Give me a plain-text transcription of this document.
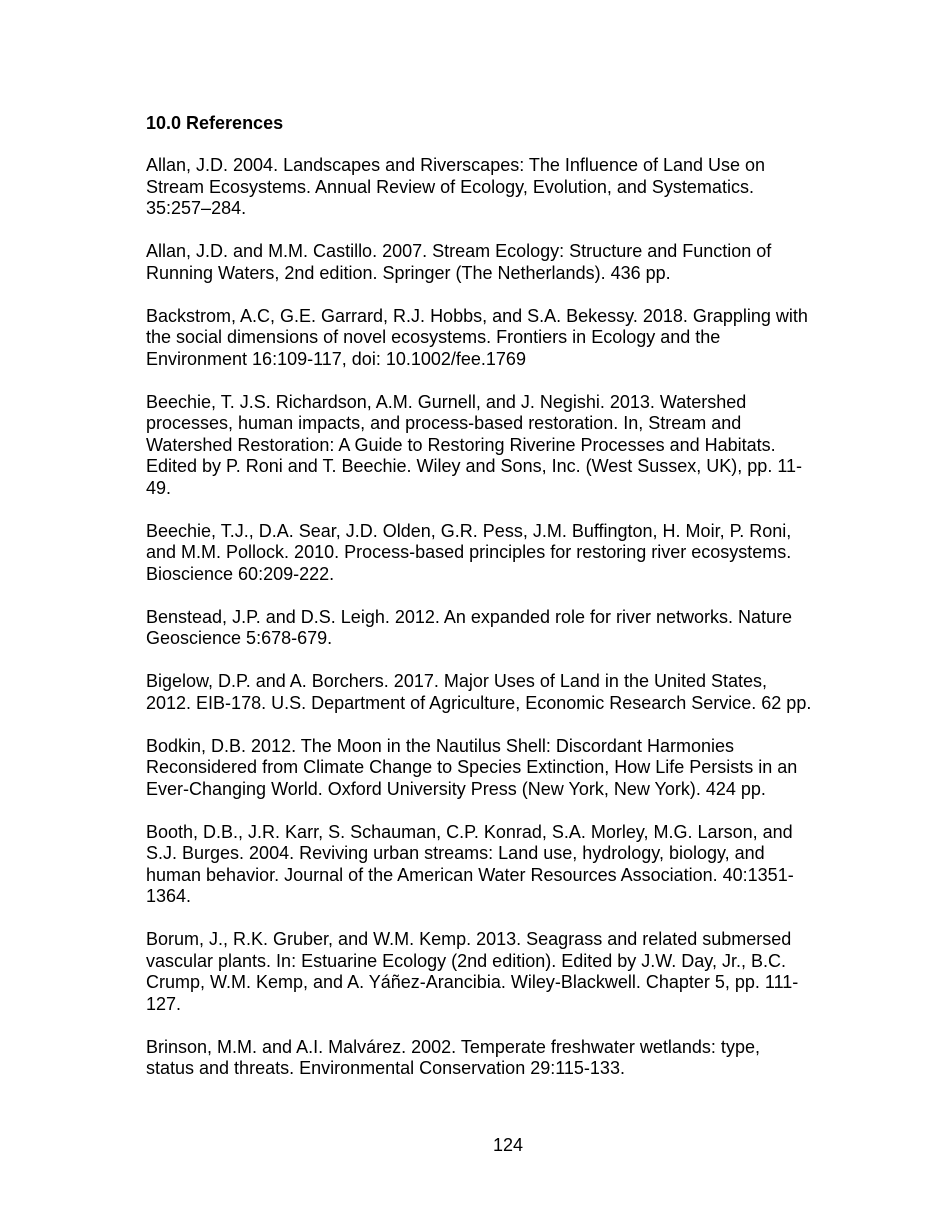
10.0 References
Allan, J.D. 2004. Landscapes and Riverscapes: The Influence of Land Use on
Stream Ecosystems. Annual Review of Ecology, Evolution, and Systematics.
35:257–284.
Allan, J.D. and M.M. Castillo. 2007. Stream Ecology: Structure and Function of
Running Waters, 2nd edition. Springer (The Netherlands). 436 pp.
Backstrom, A.C, G.E. Garrard, R.J. Hobbs, and S.A. Bekessy. 2018. Grappling with
the social dimensions of novel ecosystems. Frontiers in Ecology and the
Environment 16:109-117, doi: 10.1002/fee.1769
Beechie, T. J.S. Richardson, A.M. Gurnell, and J. Negishi. 2013. Watershed
processes, human impacts, and process-based restoration. In, Stream and
Watershed Restoration: A Guide to Restoring Riverine Processes and Habitats.
Edited by P. Roni and T. Beechie. Wiley and Sons, Inc. (West Sussex, UK), pp. 11-
49.
Beechie, T.J., D.A. Sear, J.D. Olden, G.R. Pess, J.M. Buffington, H. Moir, P. Roni,
and M.M. Pollock. 2010. Process-based principles for restoring river ecosystems.
Bioscience 60:209-222.
Benstead, J.P. and D.S. Leigh. 2012. An expanded role for river networks. Nature
Geoscience 5:678-679.
Bigelow, D.P. and A. Borchers. 2017. Major Uses of Land in the United States,
2012. EIB-178. U.S. Department of Agriculture, Economic Research Service. 62 pp.
Bodkin, D.B. 2012. The Moon in the Nautilus Shell: Discordant Harmonies
Reconsidered from Climate Change to Species Extinction, How Life Persists in an
Ever-Changing World. Oxford University Press (New York, New York). 424 pp.
Booth, D.B., J.R. Karr, S. Schauman, C.P. Konrad, S.A. Morley, M.G. Larson, and
S.J. Burges. 2004. Reviving urban streams: Land use, hydrology, biology, and
human behavior. Journal of the American Water Resources Association. 40:1351-
1364.
Borum, J., R.K. Gruber, and W.M. Kemp. 2013. Seagrass and related submersed
vascular plants. In: Estuarine Ecology (2nd edition). Edited by J.W. Day, Jr., B.C.
Crump, W.M. Kemp, and A. Yáñez-Arancibia. Wiley-Blackwell. Chapter 5, pp. 111-
127.
Brinson, M.M. and A.I. Malvárez. 2002. Temperate freshwater wetlands: type,
status and threats. Environmental Conservation 29:115-133.
124
